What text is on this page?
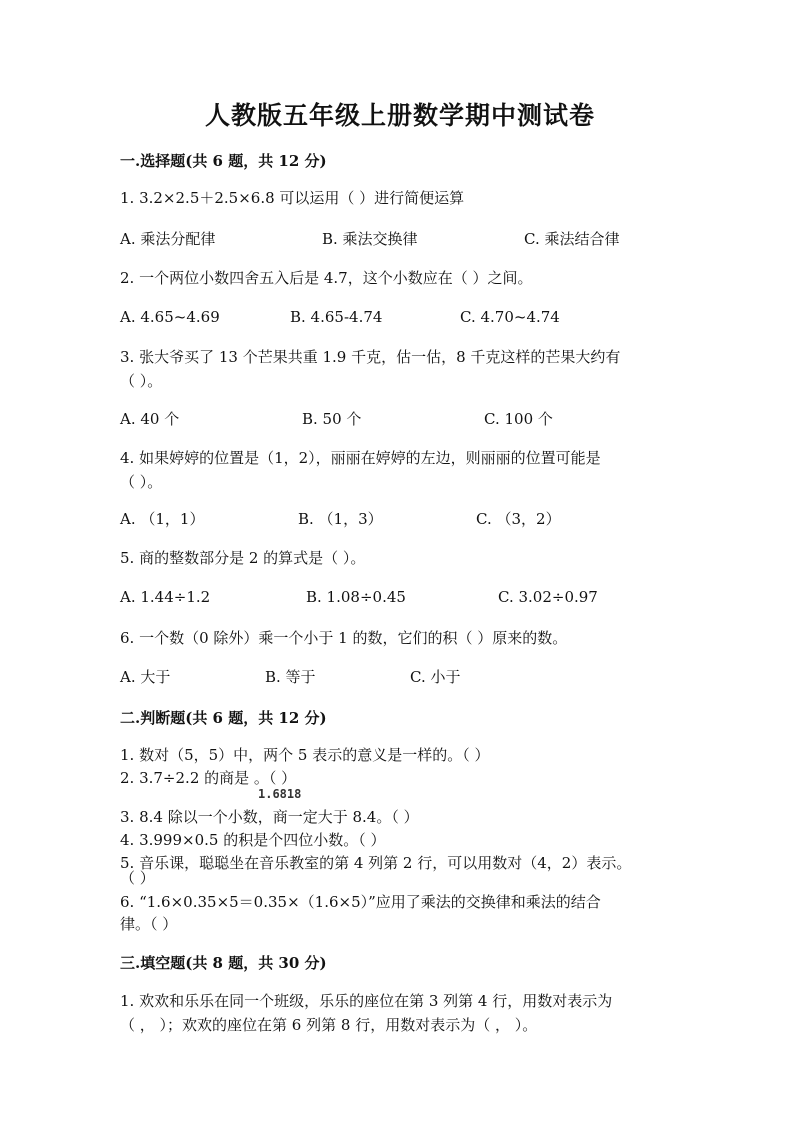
人教版五年级上册数学期中测试卷
一.选择题(共 6 题，共 12 分)
1. 3.2×2.5＋2.5×6.8 可以运用（ ）进行简便运算
A. 乘法分配律	B. 乘法交换律	C. 乘法结合律
2. 一个两位小数四舍五入后是 4.7，这个小数应在（ ）之间。
A. 4.65~4.69	B. 4.65-4.74	C. 4.70~4.74
3. 张大爷买了 13 个芒果共重 1.9 千克，估一估，8 千克这样的芒果大约有
（ ）。
A. 40 个	B. 50 个	C. 100 个
4. 如果婷婷的位置是（1，2），丽丽在婷婷的左边，则丽丽的位置可能是
（ ）。
A. （1，1）	B. （1，3）	C. （3，2）
5. 商的整数部分是 2 的算式是（ ）。
A. 1.44÷1.2	B. 1.08÷0.45	C. 3.02÷0.97
6. 一个数（0 除外）乘一个小于 1 的数，它们的积（ ）原来的数。
A. 大于	B. 等于	C. 小于
二.判断题(共 6 题，共 12 分)
1. 数对（5，5）中，两个 5 表示的意义是一样的。（ ）
2. 3.7÷2.2 的商是 。（ ）
1.6818
3. 8.4 除以一个小数，商一定大于 8.4。（ ）
4. 3.999×0.5 的积是个四位小数。（ ）
5. 音乐课，聪聪坐在音乐教室的第 4 列第 2 行，可以用数对（4，2）表示。
（ ）
6. “1.6×0.35×5＝0.35×（1.6×5）”应用了乘法的交换律和乘法的结合
律。（ ）
三.填空题(共 8 题，共 30 分)
1. 欢欢和乐乐在同一个班级，乐乐的座位在第 3 列第 4 行，用数对表示为
（ ， ）；欢欢的座位在第 6 列第 8 行，用数对表示为（ ， ）。
